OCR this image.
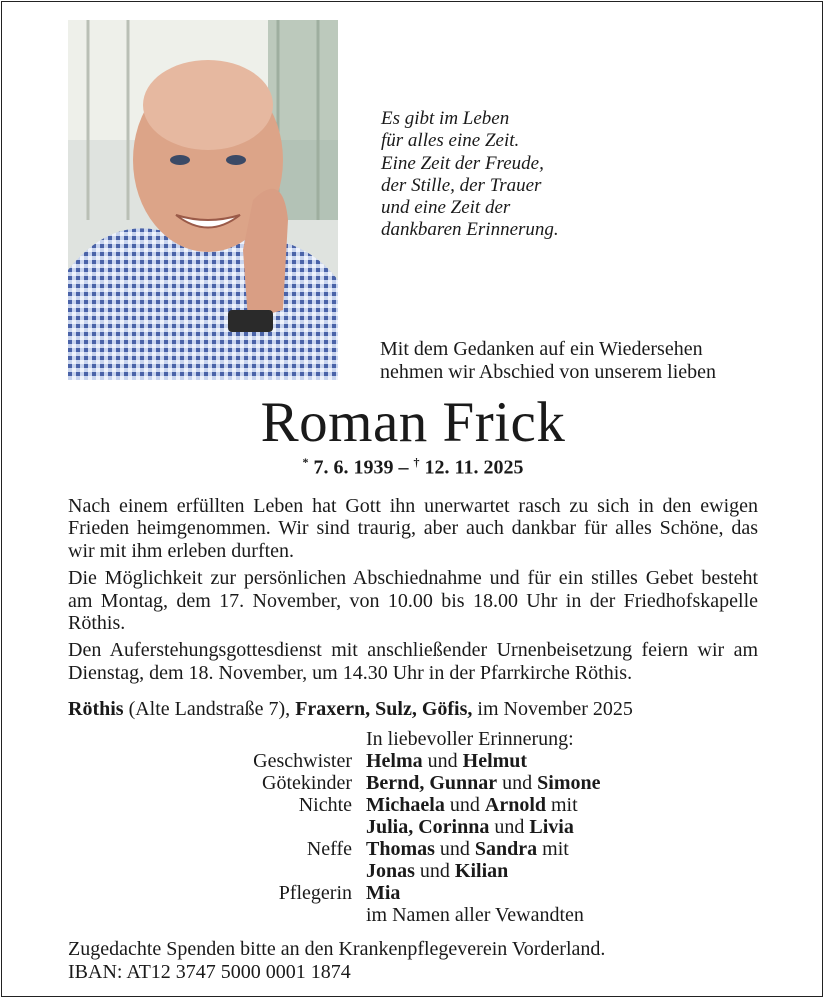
Es gibt im Leben
für alles eine Zeit.
Eine Zeit der Freude,
der Stille, der Trauer
und eine Zeit der
dankbaren Erinnerung.
Mit dem Gedanken auf ein Wiedersehen
nehmen wir Abschied von unserem lieben
Roman Frick
* 7. 6. 1939 – † 12. 11. 2025

Nach einem erfüllten Leben hat Gott ihn unerwartet rasch zu sich in den ewigen Frieden heimgenommen. Wir sind traurig, aber auch dankbar für alles Schöne, das wir mit ihm erleben durften.

Die Möglichkeit zur persönlichen Abschiednahme und für ein stilles Gebet besteht am Montag, dem 17. November, von 10.00 bis 18.00 Uhr in der Friedhofskapelle Röthis.

Den Auferstehungsgottesdienst mit anschließender Urnenbeisetzung feiern wir am Dienstag, dem 18. November, um 14.30 Uhr in der Pfarrkirche Röthis.

Röthis (Alte Landstraße 7), Fraxern, Sulz, Göfis, im November 2025
In liebevoller Erinnerung:
Geschwister Helma und Helmut
Götekinder Bernd, Gunnar und Simone
Nichte Michaela und Arnold mit
Julia, Corinna und Livia
Neffe Thomas und Sandra mit
Jonas und Kilian
Pflegerin Mia
im Namen aller Vewandten
Zugedachte Spenden bitte an den Krankenpflegeverein Vorderland.
IBAN: AT12 3747 5000 0001 1874
